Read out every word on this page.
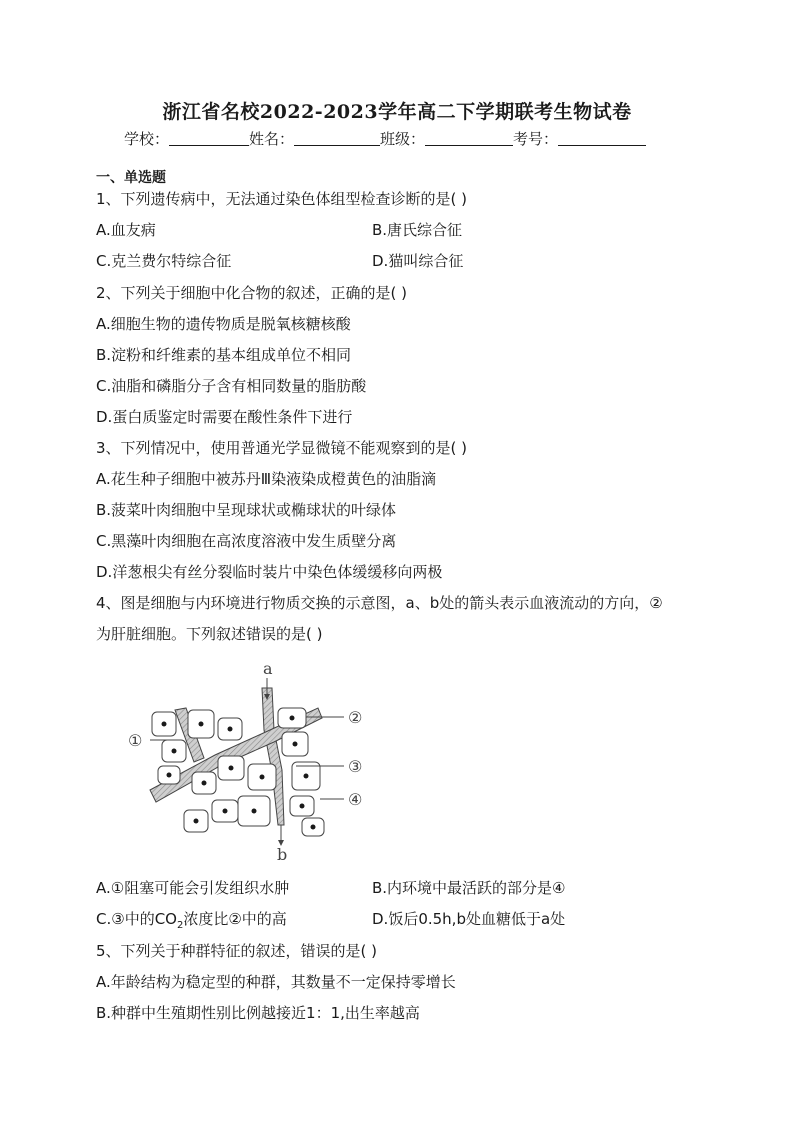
浙江省名校2022-2023学年高二下学期联考生物试卷
学校：	姓名：	班级：	考号：
一、单选题
1、下列遗传病中，无法通过染色体组型检查诊断的是( )
A.血友病	B.唐氏综合征
C.克兰费尔特综合征	D.猫叫综合征
2、下列关于细胞中化合物的叙述，正确的是( )
A.细胞生物的遗传物质是脱氧核糖核酸
B.淀粉和纤维素的基本组成单位不相同
C.油脂和磷脂分子含有相同数量的脂肪酸
D.蛋白质鉴定时需要在酸性条件下进行
3、下列情况中，使用普通光学显微镜不能观察到的是( )
A.花生种子细胞中被苏丹Ⅲ染液染成橙黄色的油脂滴
B.菠菜叶肉细胞中呈现球状或椭球状的叶绿体
C.黑藻叶肉细胞在高浓度溶液中发生质壁分离
D.洋葱根尖有丝分裂临时装片中染色体缓缓移向两极
4、图是细胞与内环境进行物质交换的示意图，a、b处的箭头表示血液流动的方向，②
为肝脏细胞。下列叙述错误的是( )
a
b
①
②
③
④
A.①阻塞可能会引发组织水肿	B.内环境中最活跃的部分是④
C.③中的$CO_2$浓度比②中的高	D.饭后0.5h,b处血糖低于a处
5、下列关于种群特征的叙述，错误的是( )
A.年龄结构为稳定型的种群，其数量不一定保持零增长
B.种群中生殖期性别比例越接近1：1,出生率越高
